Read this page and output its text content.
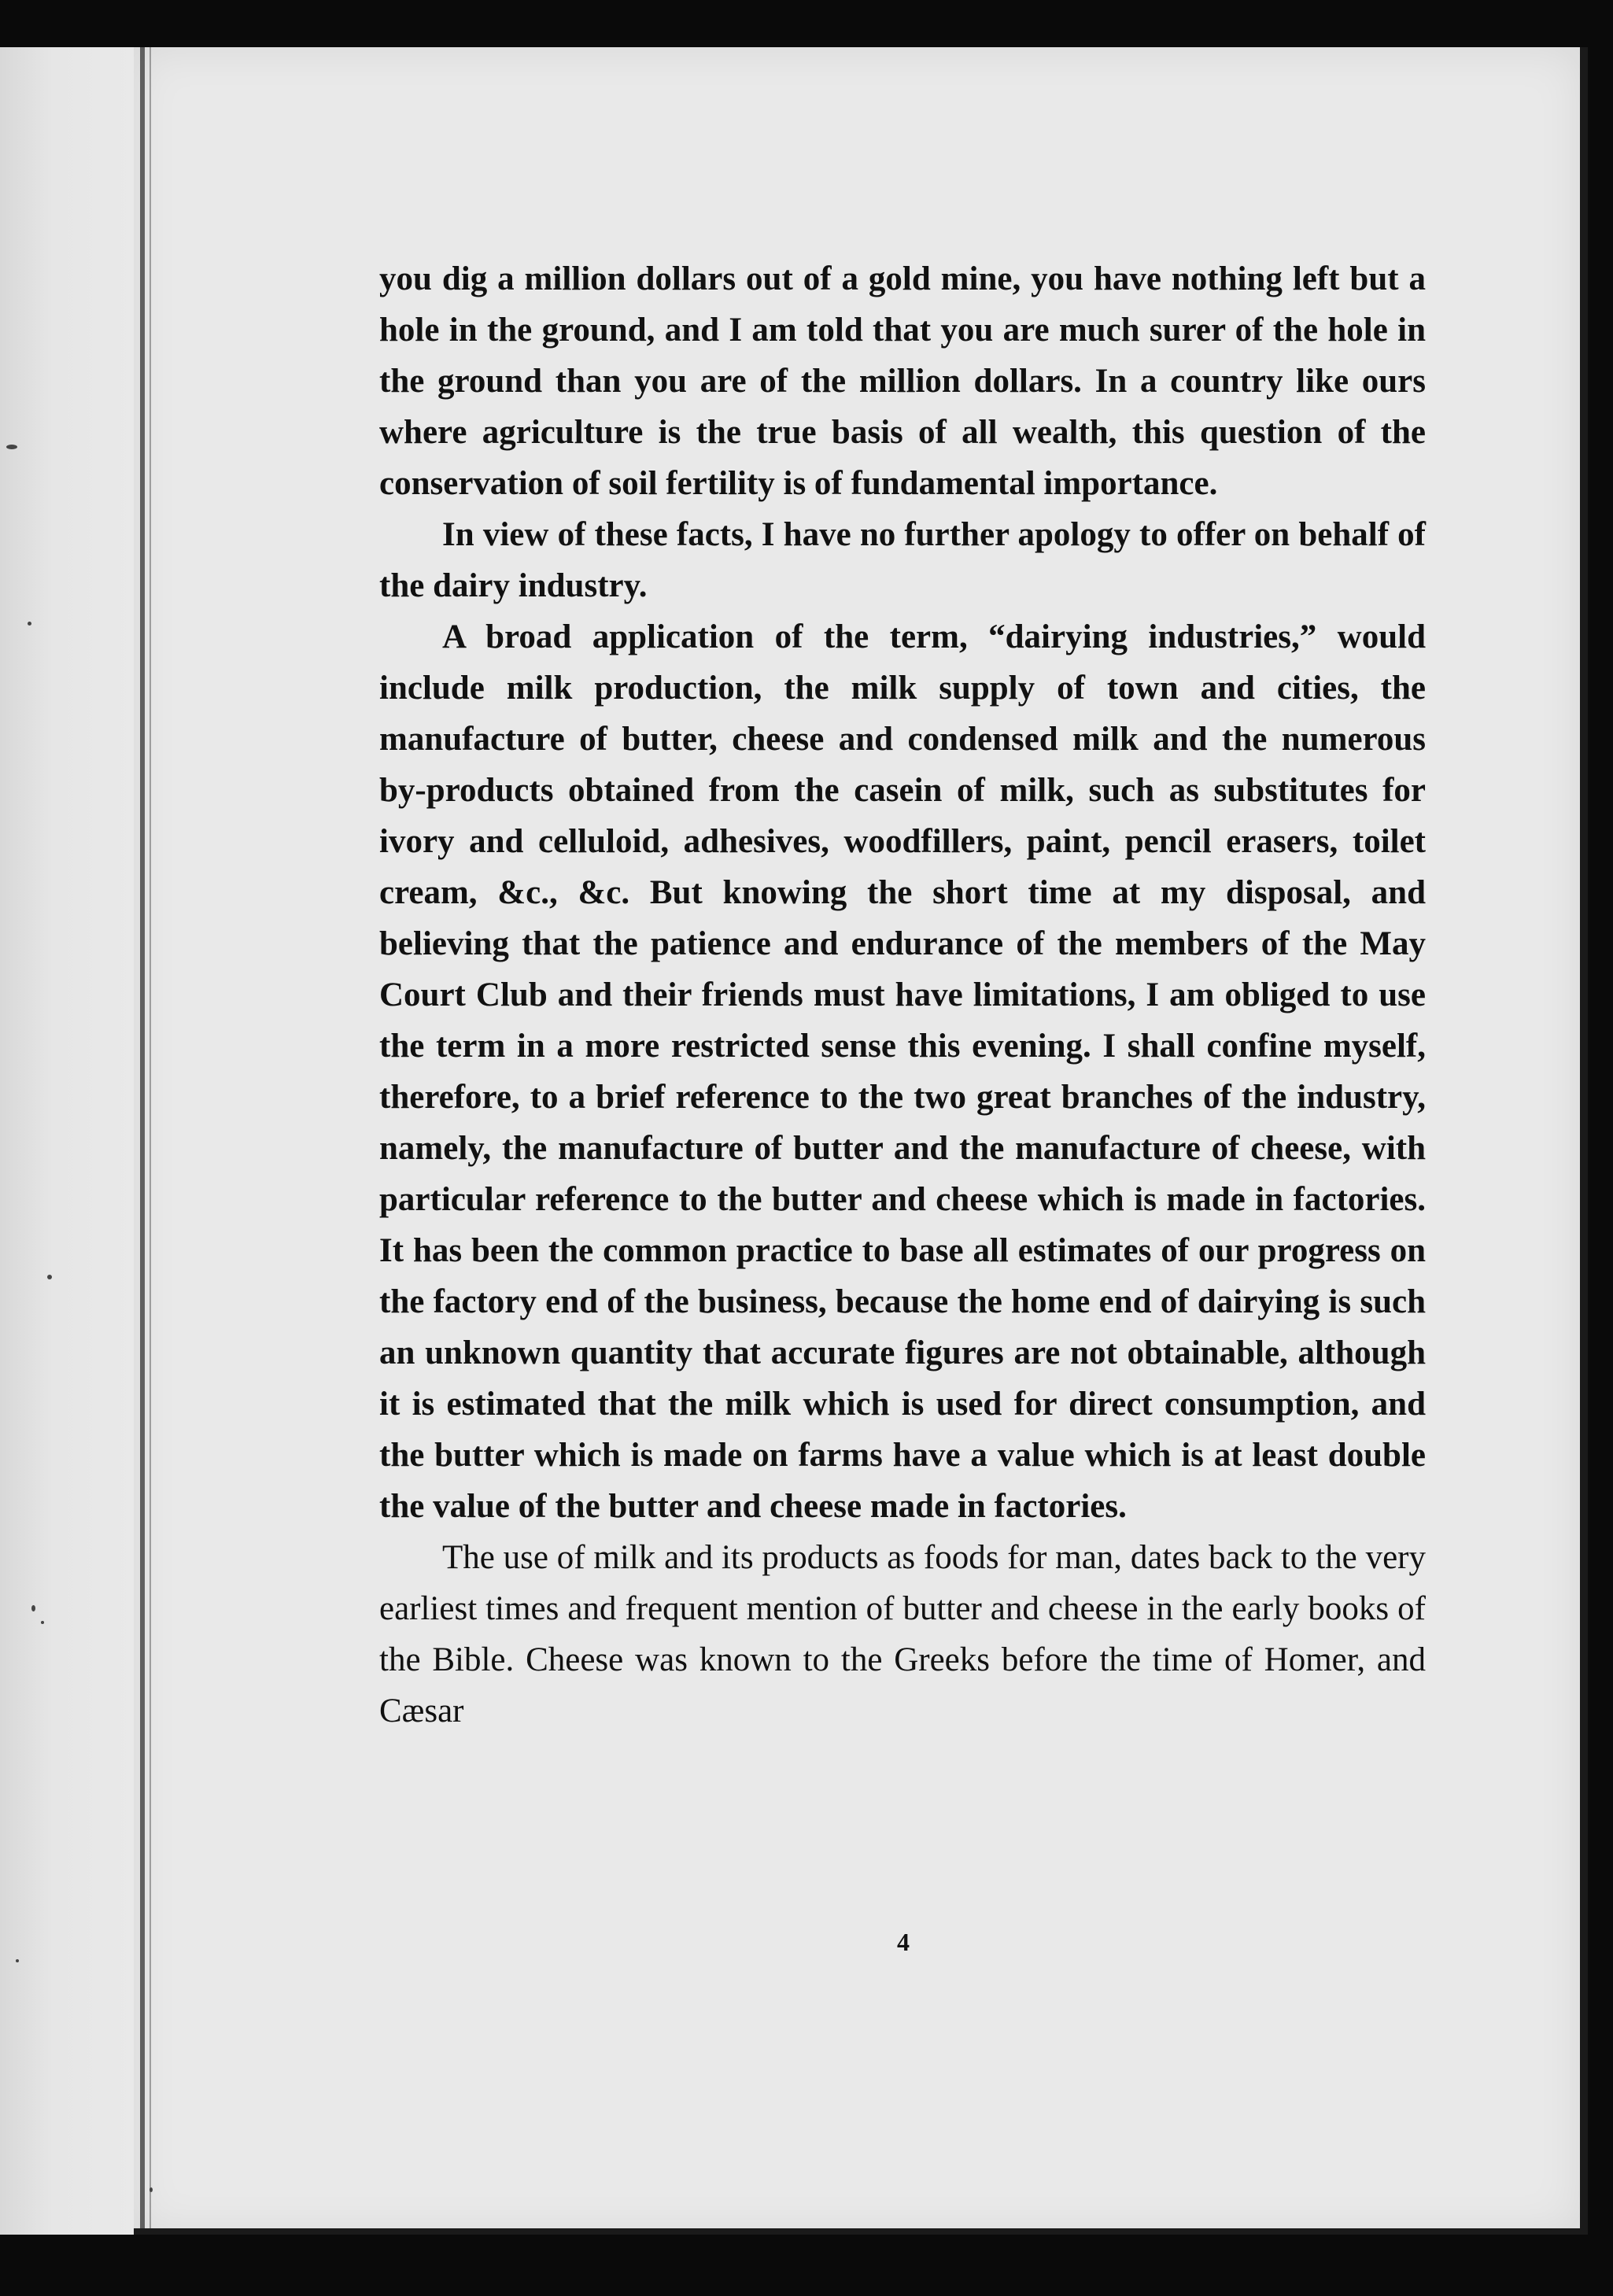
you dig a million dollars out of a gold mine, you have nothing left but a hole in the ground, and I am told that you are much surer of the hole in the ground than you are of the million dollars. In a country like ours where agriculture is the true basis of all wealth, this question of the conservation of soil fertility is of fundamental importance.

In view of these facts, I have no further apology to offer on behalf of the dairy industry.

A broad application of the term, “dairying industries,” would include milk production, the milk supply of town and cities, the manufacture of butter, cheese and condensed milk and the numerous by-products obtained from the casein of milk, such as substitutes for ivory and celluloid, adhesives, woodfillers, paint, pencil erasers, toilet cream, &c., &c. But knowing the short time at my disposal, and believing that the patience and endurance of the members of the May Court Club and their friends must have limitations, I am obliged to use the term in a more restricted sense this evening. I shall confine myself, therefore, to a brief reference to the two great branches of the industry, namely, the manufacture of butter and the manufacture of cheese, with particular reference to the butter and cheese which is made in factories. It has been the common practice to base all estimates of our progress on the factory end of the business, because the home end of dairying is such an unknown quantity that accurate figures are not obtainable, although it is estimated that the milk which is used for direct consumption, and the butter which is made on farms have a value which is at least double the value of the butter and cheese made in factories.

The use of milk and its products as foods for man, dates back to the very earliest times and frequent mention of butter and cheese in the early books of the Bible. Cheese was known to the Greeks before the time of Homer, and Cæsar

4
